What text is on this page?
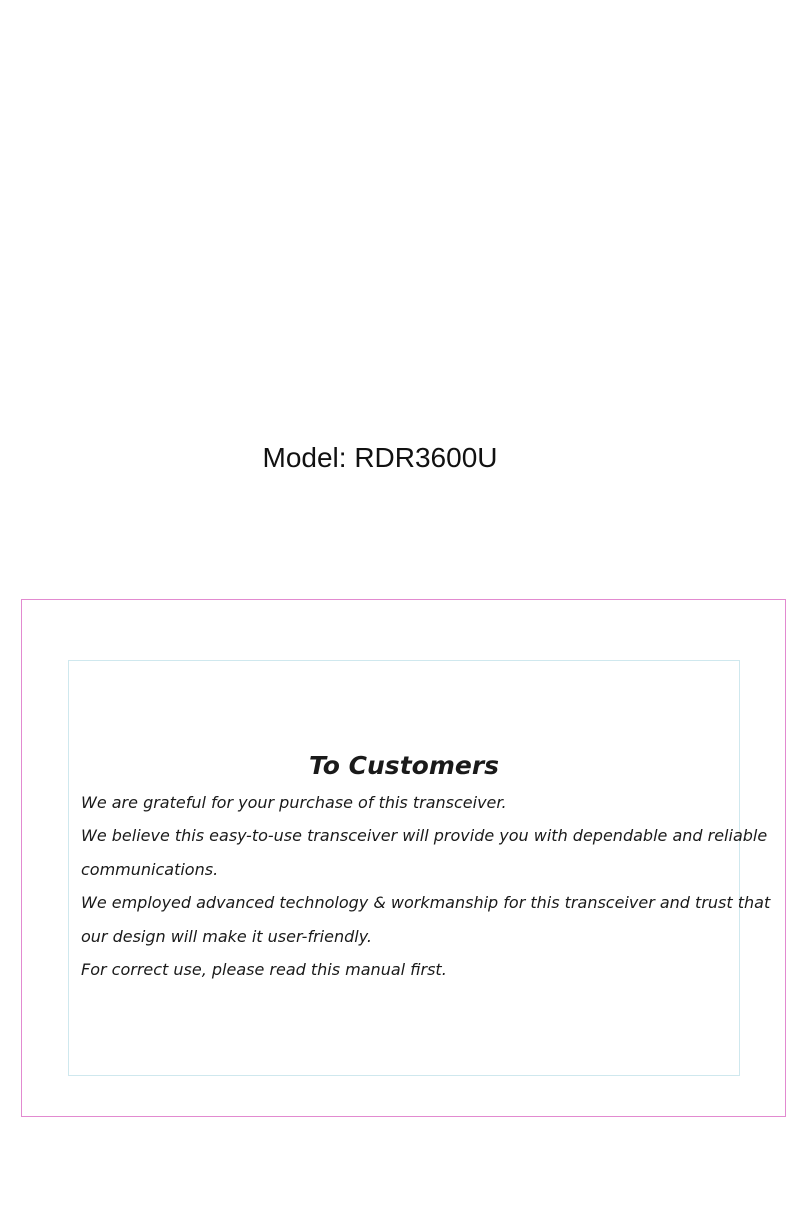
Model: RDR3600U
To Customers

We are grateful for your purchase of this transceiver.
We believe this easy-to-use transceiver will provide you with dependable and reliable
communications.
We employed advanced technology & workmanship for this transceiver and trust that
our design will make it user-friendly.
For correct use, please read this manual first.
